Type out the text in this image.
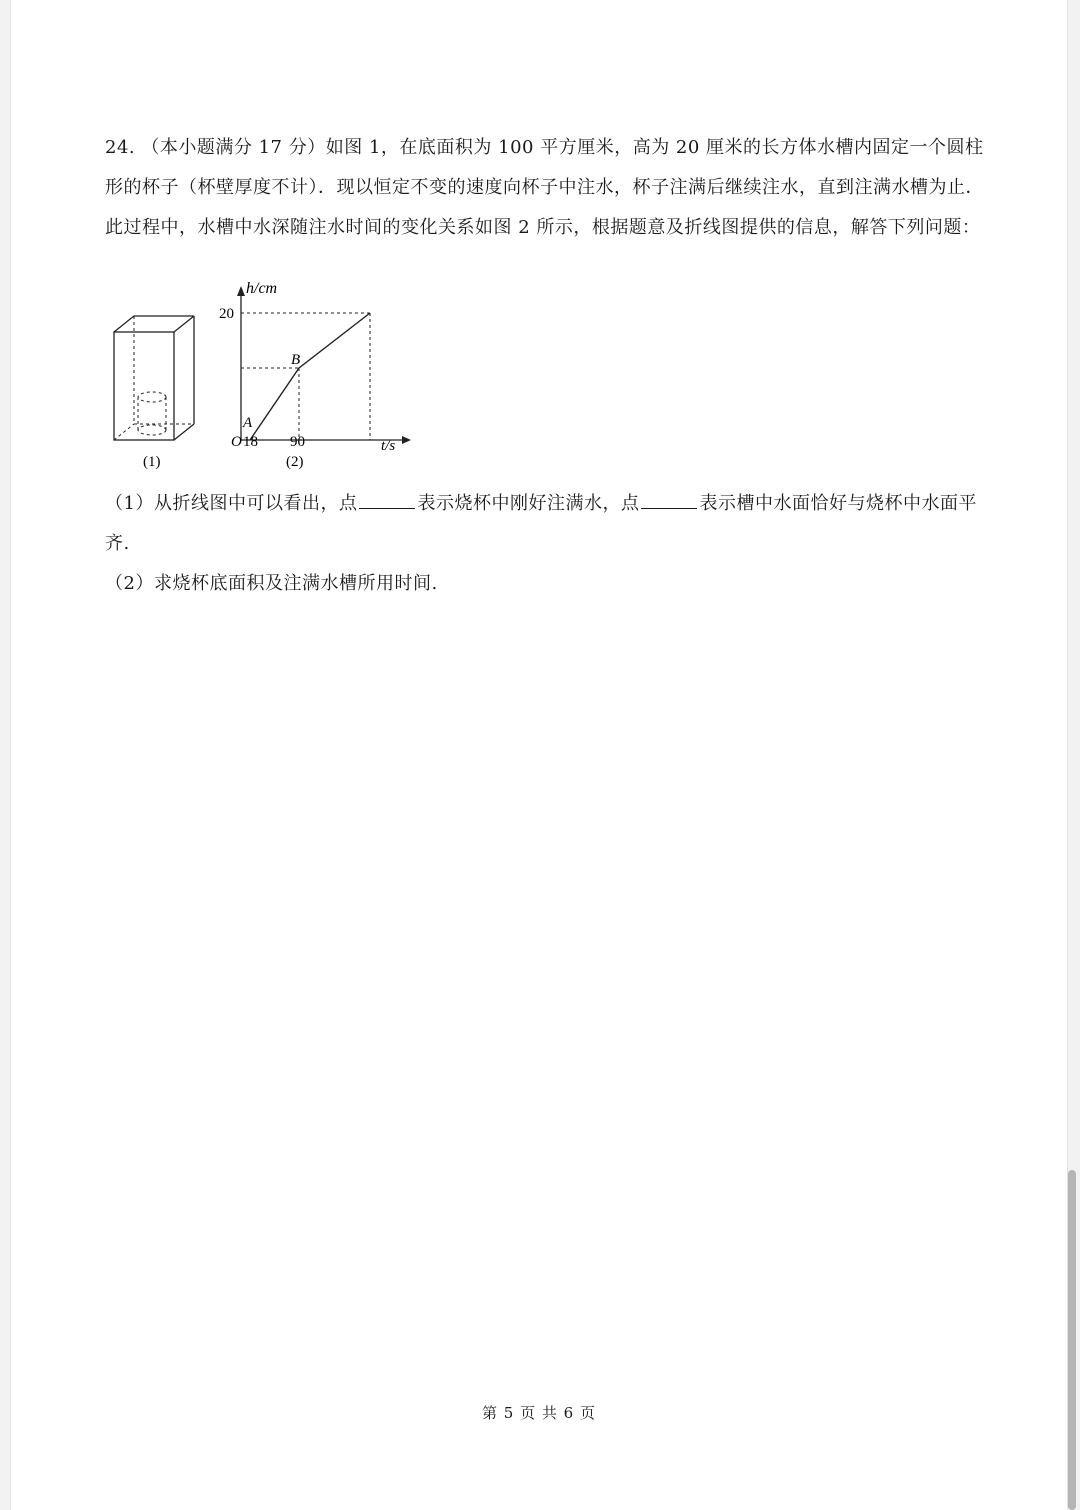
24. （本小题满分 17 分）如图 1，在底面积为 100 平方厘米，高为 20 厘米的长方体水槽内固定一个圆柱形的杯子（杯壁厚度不计）．现以恒定不变的速度向杯子中注水，杯子注满后继续注水，直到注满水槽为止．此过程中，水槽中水深随注水时间的变化关系如图 2 所示，根据题意及折线图提供的信息，解答下列问题：

(1)
h/cm
20
A
B
O 18 90	t/s
(2)

（1）从折线图中可以看出，点	表示烧杯中刚好注满水，点	表示槽中水面恰好与烧杯中水面平齐.

（2）求烧杯底面积及注满水槽所用时间.

第 5 页 共 6 页
